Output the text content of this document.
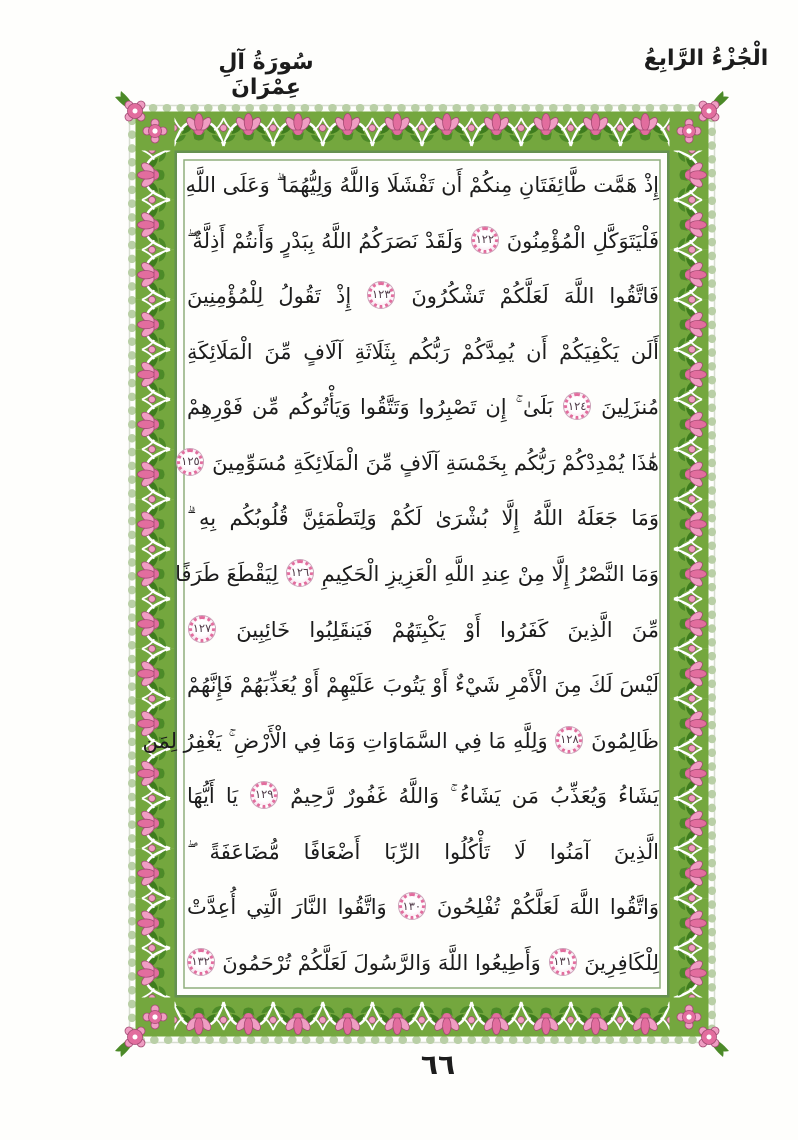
الْجُزْءُ الرَّابِعُ
سُورَةُ آلِ عِمْرَانَ
إِذْ هَمَّت طَّائِفَتَانِ مِنكُمْ أَن تَفْشَلَا وَاللَّهُ وَلِيُّهُمَا ۗ وَعَلَى اللَّهِ
فَلْيَتَوَكَّلِ الْمُؤْمِنُونَ
١٢٢
وَلَقَدْ نَصَرَكُمُ اللَّهُ بِبَدْرٍ وَأَنتُمْ أَذِلَّةٌ ۖ
فَاتَّقُوا اللَّهَ لَعَلَّكُمْ تَشْكُرُونَ
١٢٣
إِذْ تَقُولُ لِلْمُؤْمِنِينَ
أَلَن يَكْفِيَكُمْ أَن يُمِدَّكُمْ رَبُّكُم بِثَلَاثَةِ آلَافٍ مِّنَ الْمَلَائِكَةِ
مُنزَلِينَ
١٢٤
بَلَىٰ ۚ إِن تَصْبِرُوا وَتَتَّقُوا وَيَأْتُوكُم مِّن فَوْرِهِمْ
هَٰذَا يُمْدِدْكُمْ رَبُّكُم بِخَمْسَةِ آلَافٍ مِّنَ الْمَلَائِكَةِ مُسَوِّمِينَ
١٢٥
وَمَا جَعَلَهُ اللَّهُ إِلَّا بُشْرَىٰ لَكُمْ وَلِتَطْمَئِنَّ قُلُوبُكُم بِهِ ۗ
وَمَا النَّصْرُ إِلَّا مِنْ عِندِ اللَّهِ الْعَزِيزِ الْحَكِيمِ
١٢٦
لِيَقْطَعَ طَرَفًا
مِّنَ الَّذِينَ كَفَرُوا أَوْ يَكْبِتَهُمْ فَيَنقَلِبُوا خَائِبِينَ
١٢٧
لَيْسَ لَكَ مِنَ الْأَمْرِ شَيْءٌ أَوْ يَتُوبَ عَلَيْهِمْ أَوْ يُعَذِّبَهُمْ فَإِنَّهُمْ
ظَالِمُونَ
١٢٨
وَلِلَّهِ مَا فِي السَّمَاوَاتِ وَمَا فِي الْأَرْضِ ۚ يَغْفِرُ لِمَن
يَشَاءُ وَيُعَذِّبُ مَن يَشَاءُ ۚ وَاللَّهُ غَفُورٌ رَّحِيمٌ
١٢٩
يَا أَيُّهَا
الَّذِينَ آمَنُوا لَا تَأْكُلُوا الرِّبَا أَضْعَافًا مُّضَاعَفَةً ۖ
وَاتَّقُوا اللَّهَ لَعَلَّكُمْ تُفْلِحُونَ
١٣٠
وَاتَّقُوا النَّارَ الَّتِي أُعِدَّتْ
لِلْكَافِرِينَ
١٣١
وَأَطِيعُوا اللَّهَ وَالرَّسُولَ لَعَلَّكُمْ تُرْحَمُونَ
١٣٢
٦٦
